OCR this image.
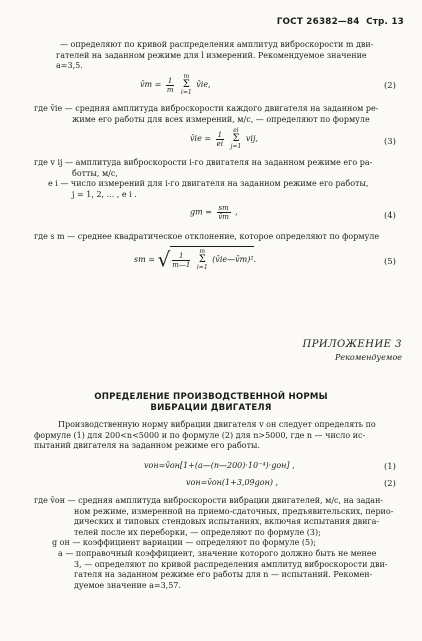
ГОСТ 26382—84 Стр. 13
— определяют по кривой распределения амплитуд виброскорости m дви-
гателей на заданном режиме для l измерений. Рекомендуемое значение
a=3,5.
v̄m = $\frac{1}{m}$
	m
Σ
i=1
v̄ie,	(2)
где v̄ie — средняя амплитуда виброскорости каждого двигателя на заданном ре-
жиме его работы для всех измерений, м/с, — определяют по формуле
v̄ie = $\frac{1}{ei}$
	ei
Σ
j=1
vij,	(3)
где v ij — амплитуда виброскорости i-го двигателя на заданном режиме его ра-
ботты, м/с,
e i — число измерений для i-го двигателя на заданном режиме его работы,
j = 1, 2, ... , e i .
gm = $\frac{sm}{v̄m}$ ,	(4)
где s m — среднее квадратическое отклонение, которое определяют по формуле
sm = √ $\frac{1}{m—1}$
	m
Σ
i=1
(v̄ie—v̄m)².	(5)
ПРИЛОЖЕНИЕ 3
Рекомендуемое
ОПРЕДЕЛЕНИЕ ПРОИЗВОДСТВЕННОЙ НОРМЫ
ВИБРАЦИИ ДВИГАТЕЛЯ
Производственную норму вибрации двигателя v он следует определять по
формуле (1) для 200<n<5000 и по формуле (2) для n>5000, где n — число ис-
пытаний двигателя на заданном режиме его работы.
vон=v̄он[1+(a—(n—200)·10⁻⁴)·gон] ,	(1)
vон=v̄он(1+3,09gон) ,	(2)
где v̄он — средняя амплитуда виброскорости вибрации двигателей, м/с, на задан-
ном режиме, измеренной на приемо-сдаточных, предъявительских, перио-
дических и типовых стендовых испытаниях, включая испытания двига-
телей после их переборки, — определяют по формуле (3);
g он — коэффициент вариации — определяют по формуле (5);
a — поправочный коэффициент, значение которого должно быть не менее
3, — определяют по кривой распределения амплитуд виброскорости дви-
гателя на заданном режиме его работы для n — испытаний. Рекомен-
дуемое значение a=3,57.
